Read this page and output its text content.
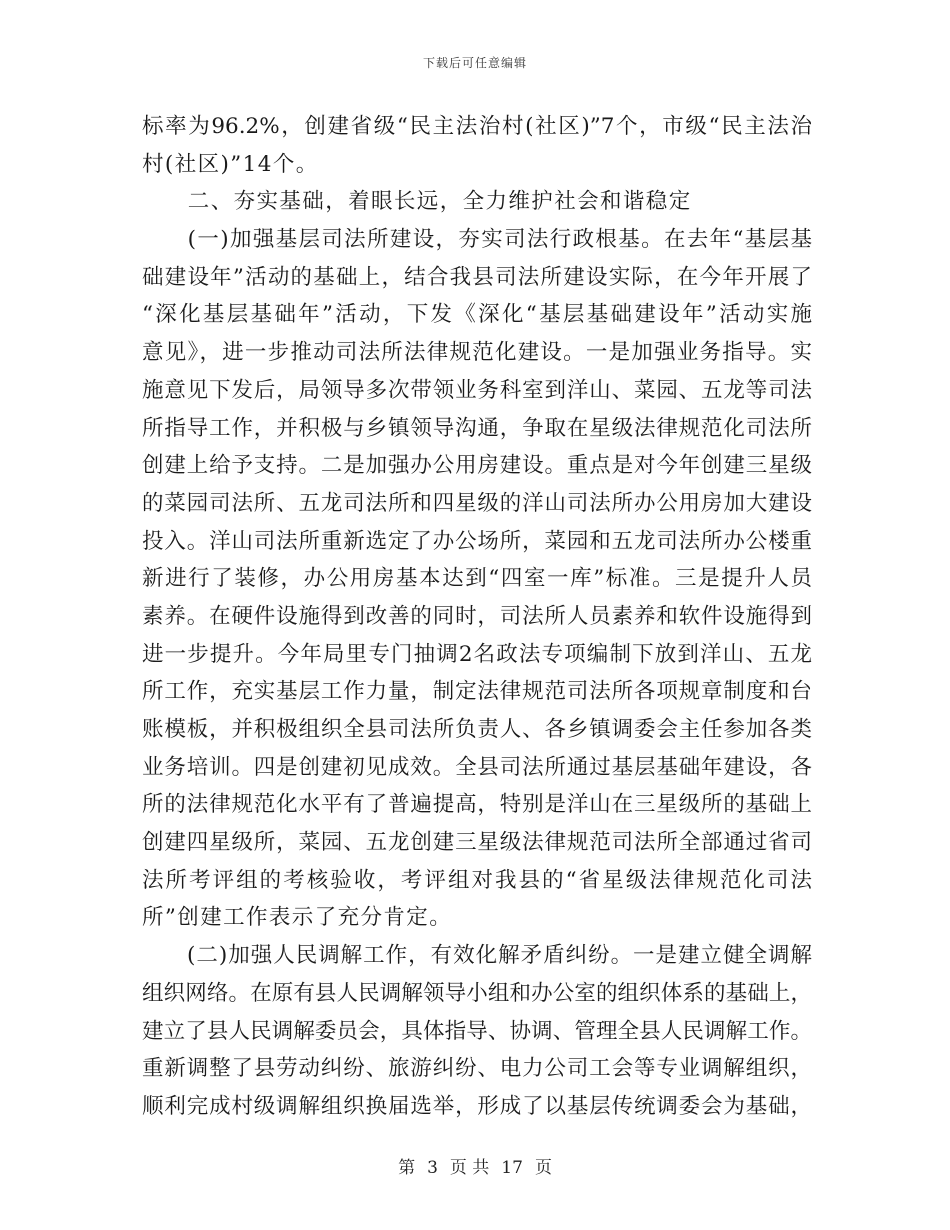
下载后可任意编辑
标率为96.2%，创建省级“民主法治村(社区)”7个，市级“民主法治
村(社区)”14个。
　　二、夯实基础，着眼长远，全力维护社会和谐稳定
　　(一)加强基层司法所建设，夯实司法行政根基。在去年“基层基
础建设年”活动的基础上，结合我县司法所建设实际，在今年开展了
“深化基层基础年”活动，下发《深化“基层基础建设年”活动实施
意见》，进一步推动司法所法律规范化建设。一是加强业务指导。实
施意见下发后，局领导多次带领业务科室到洋山、菜园、五龙等司法
所指导工作，并积极与乡镇领导沟通，争取在星级法律规范化司法所
创建上给予支持。二是加强办公用房建设。重点是对今年创建三星级
的菜园司法所、五龙司法所和四星级的洋山司法所办公用房加大建设
投入。洋山司法所重新选定了办公场所，菜园和五龙司法所办公楼重
新进行了装修，办公用房基本达到“四室一库”标准。三是提升人员
素养。在硬件设施得到改善的同时，司法所人员素养和软件设施得到
进一步提升。今年局里专门抽调2名政法专项编制下放到洋山、五龙
所工作，充实基层工作力量，制定法律规范司法所各项规章制度和台
账模板，并积极组织全县司法所负责人、各乡镇调委会主任参加各类
业务培训。四是创建初见成效。全县司法所通过基层基础年建设，各
所的法律规范化水平有了普遍提高，特别是洋山在三星级所的基础上
创建四星级所，菜园、五龙创建三星级法律规范司法所全部通过省司
法所考评组的考核验收，考评组对我县的“省星级法律规范化司法
所”创建工作表示了充分肯定。
　　(二)加强人民调解工作，有效化解矛盾纠纷。一是建立健全调解
组织网络。在原有县人民调解领导小组和办公室的组织体系的基础上，
建立了县人民调解委员会，具体指导、协调、管理全县人民调解工作。
重新调整了县劳动纠纷、旅游纠纷、电力公司工会等专业调解组织，
顺利完成村级调解组织换届选举，形成了以基层传统调委会为基础，
第 3 页 共 17 页
